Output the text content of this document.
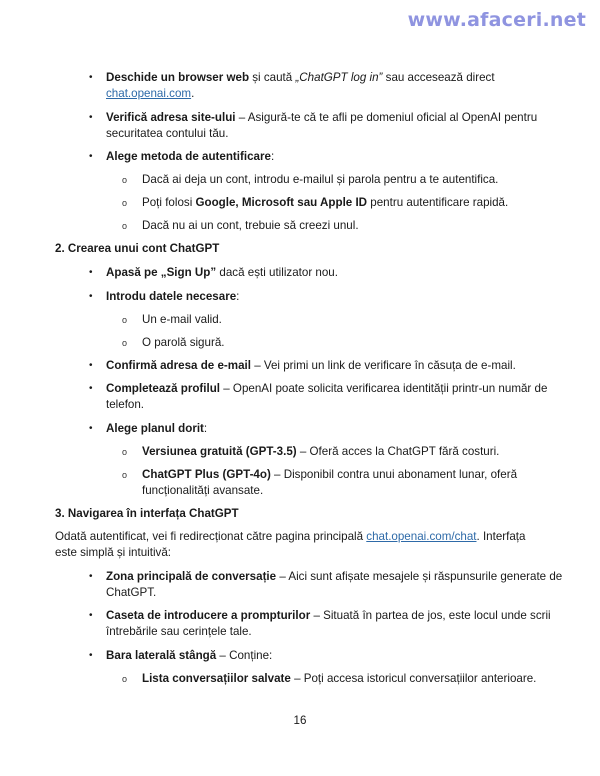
www.afaceri.net
• Deschide un browser web și caută „ChatGPT log in” sau accesează direct
chat.openai.com.
• Verifică adresa site-ului – Asigură-te că te afli pe domeniul oficial al OpenAI pentru
securitatea contului tău.
• Alege metoda de autentificare:
o Dacă ai deja un cont, introdu e-mailul și parola pentru a te autentifica.
o Poți folosi Google, Microsoft sau Apple ID pentru autentificare rapidă.
o Dacă nu ai un cont, trebuie să creezi unul.
2. Crearea unui cont ChatGPT
• Apasă pe „Sign Up” dacă ești utilizator nou.
• Introdu datele necesare:
o Un e-mail valid.
o O parolă sigură.
• Confirmă adresa de e-mail – Vei primi un link de verificare în căsuța de e-mail.
• Completează profilul – OpenAI poate solicita verificarea identității printr-un număr de
telefon.
• Alege planul dorit:
o Versiunea gratuită (GPT-3.5) – Oferă acces la ChatGPT fără costuri.
o ChatGPT Plus (GPT-4o) – Disponibil contra unui abonament lunar, oferă
funcționalități avansate.
3. Navigarea în interfața ChatGPT
Odată autentificat, vei fi redirecționat către pagina principală chat.openai.com/chat. Interfața
este simplă și intuitivă:
• Zona principală de conversație – Aici sunt afișate mesajele și răspunsurile generate de
ChatGPT.
• Caseta de introducere a prompturilor – Situată în partea de jos, este locul unde scrii
întrebările sau cerințele tale.
• Bara laterală stângă – Conține:
o Lista conversațiilor salvate – Poți accesa istoricul conversațiilor anterioare.
16
